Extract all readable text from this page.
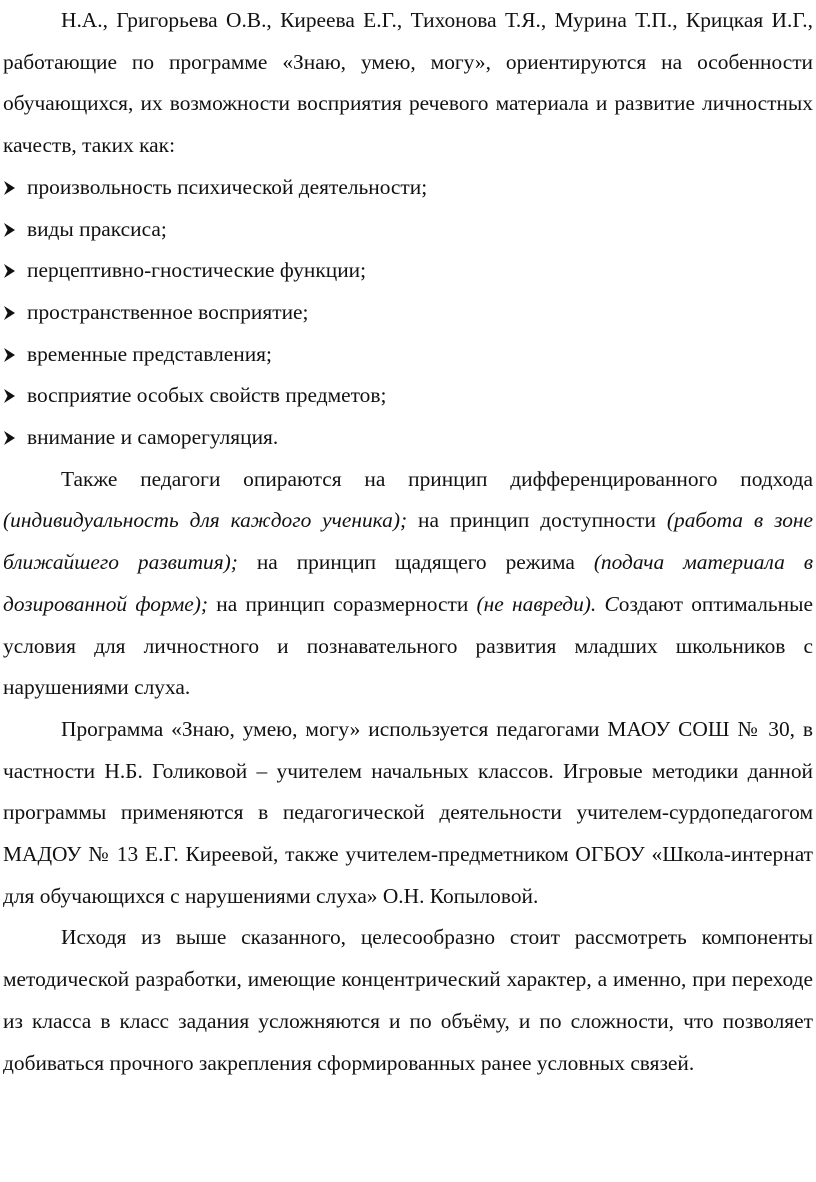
Н.А., Григорьева О.В., Киреева Е.Г., Тихонова Т.Я., Мурина Т.П., Крицкая И.Г., работающие по программе «Знаю, умею, могу», ориентируются на особенности обучающихся, их возможности восприятия речевого материала и развитие личностных качеств, таких как:

произвольность психической деятельности;
виды праксиса;
перцептивно-гностические функции;
пространственное восприятие;
временные представления;
восприятие особых свойств предметов;
внимание и саморегуляция.

Также педагоги опираются на принцип дифференцированного подхода (индивидуальность для каждого ученика); на принцип доступности (работа в зоне ближайшего развития); на принцип щадящего режима (подача материала в дозированной форме); на принцип соразмерности (не навреди). Создают оптимальные условия для личностного и познавательного развития младших школьников с нарушениями слуха.

Программа «Знаю, умею, могу» используется педагогами МАОУ СОШ № 30, в частности Н.Б. Голиковой – учителем начальных классов. Игровые методики данной программы применяются в педагогической деятельности учителем-сурдопедагогом МАДОУ № 13 Е.Г. Киреевой, также учителем-предметником ОГБОУ «Школа-интернат для обучающихся с нарушениями слуха» О.Н. Копыловой.

Исходя из выше сказанного, целесообразно стоит рассмотреть компоненты методической разработки, имеющие концентрический характер, а именно, при переходе из класса в класс задания усложняются и по объёму, и по сложности, что позволяет добиваться прочного закрепления сформированных ранее условных связей.
